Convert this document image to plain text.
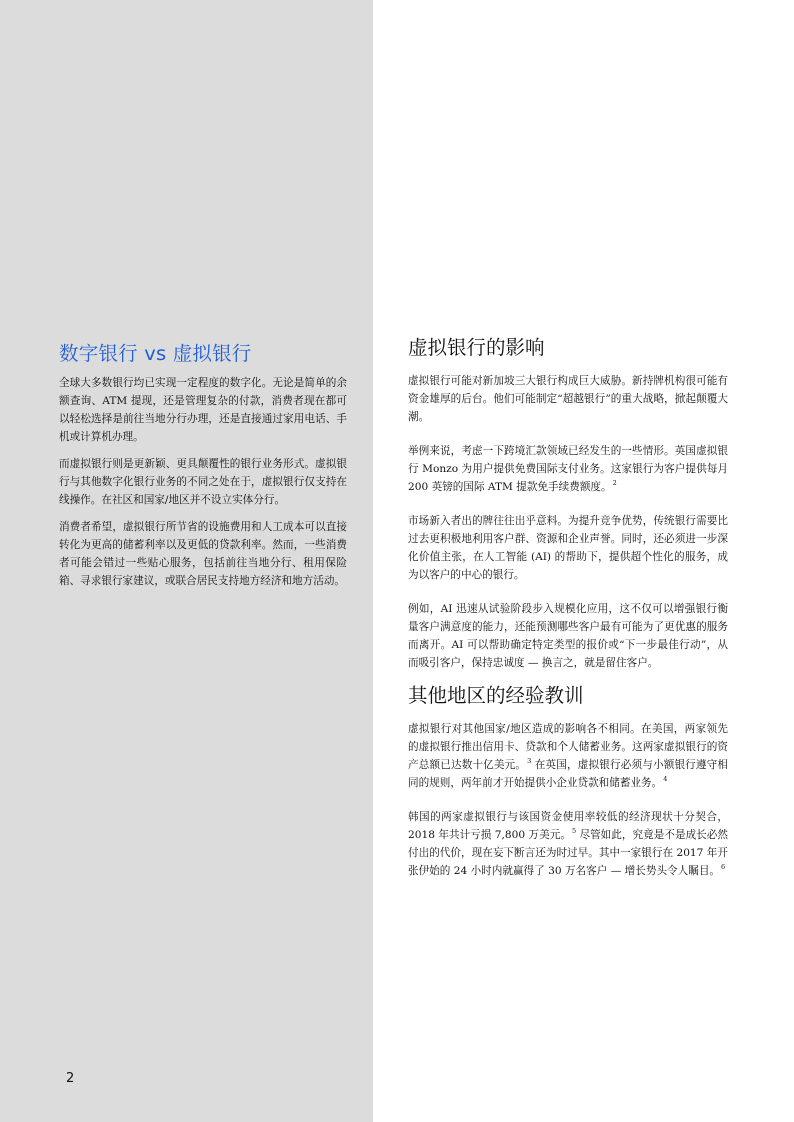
数字银行 vs 虚拟银行

全球大多数银行均已实现一定程度的数字化。无论是简单的余额查询、ATM 提现，还是管理复杂的付款，消费者现在都可以轻松选择是前往当地分行办理，还是直接通过家用电话、手机或计算机办理。

而虚拟银行则是更新颖、更具颠覆性的银行业务形式。虚拟银行与其他数字化银行业务的不同之处在于，虚拟银行仅支持在线操作。在社区和国家/地区并不设立实体分行。

消费者希望，虚拟银行所节省的设施费用和人工成本可以直接转化为更高的储蓄利率以及更低的贷款利率。然而，一些消费者可能会错过一些贴心服务，包括前往当地分行、租用保险箱、寻求银行家建议，或联合居民支持地方经济和地方活动。

虚拟银行的影响

虚拟银行可能对新加坡三大银行构成巨大威胁。新持牌机构很可能有资金雄厚的后台。他们可能制定“超越银行”的重大战略，掀起颠覆大潮。

举例来说，考虑一下跨境汇款领域已经发生的一些情形。英国虚拟银行 Monzo 为用户提供免费国际支付业务。这家银行为客户提供每月 200 英镑的国际 ATM 提款免手续费额度。$^2$

市场新入者出的牌往往出乎意料。为提升竞争优势，传统银行需要比过去更积极地利用客户群、资源和企业声誉。同时，还必须进一步深化价值主张，在人工智能 (AI) 的帮助下，提供超个性化的服务，成为以客户的中心的银行。

例如，AI 迅速从试验阶段步入规模化应用，这不仅可以增强银行衡量客户满意度的能力，还能预测哪些客户最有可能为了更优惠的服务而离开。AI 可以帮助确定特定类型的报价或“下一步最佳行动”，从而吸引客户，保持忠诚度 — 换言之，就是留住客户。

其他地区的经验教训

虚拟银行对其他国家/地区造成的影响各不相同。在美国，两家领先的虚拟银行推出信用卡、贷款和个人储蓄业务。这两家虚拟银行的资产总额已达数十亿美元。$^3$ 在英国，虚拟银行必须与小额银行遵守相同的规则，两年前才开始提供小企业贷款和储蓄业务。$^4$

韩国的两家虚拟银行与该国资金使用率较低的经济现状十分契合，2018 年共计亏损 7,800 万美元。$^5$ 尽管如此，究竟是不是成长必然付出的代价，现在妄下断言还为时过早。其中一家银行在 2017 年开张伊始的 24 小时内就赢得了 30 万名客户 — 增长势头令人瞩目。$^6$

2
